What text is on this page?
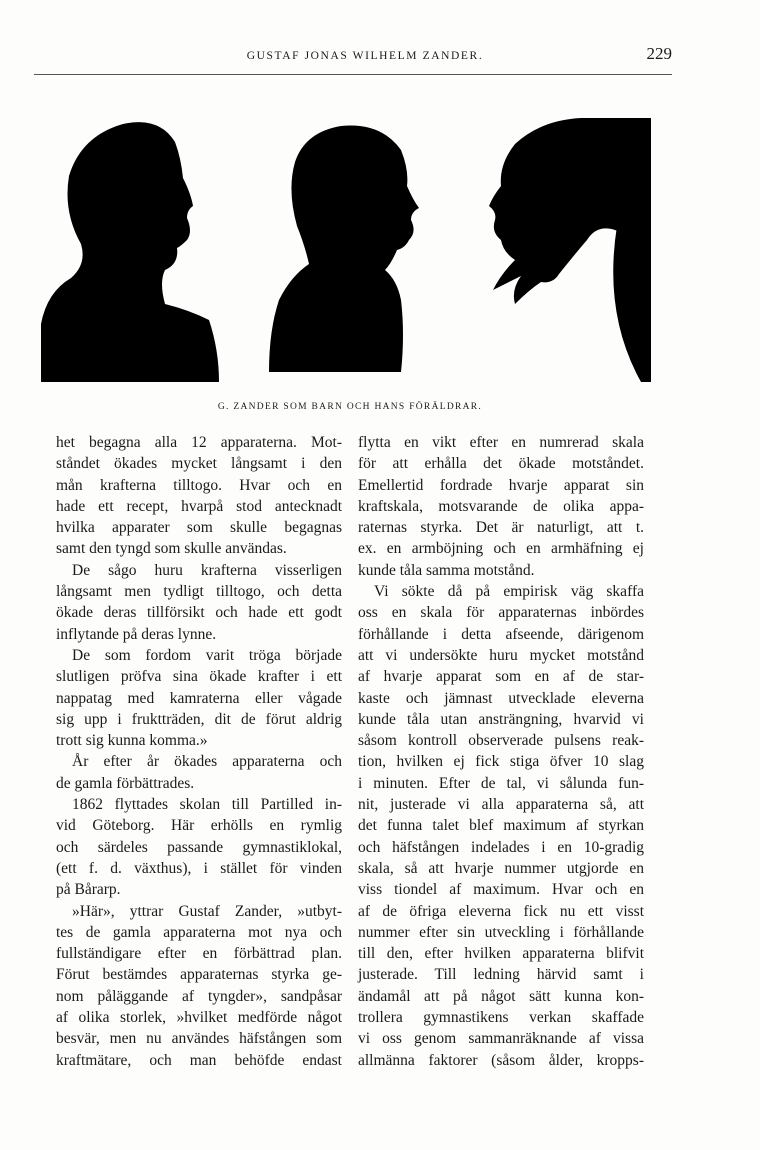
GUSTAF JONAS WILHELM ZANDER.	229
G. ZANDER SOM BARN OCH HANS FÖRÄLDRAR.

het begagna alla 12 apparaterna. Mot-

ståndet ökades mycket långsamt i den

mån krafterna tilltogo. Hvar och en

hade ett recept, hvarpå stod antecknadt

hvilka apparater som skulle begagnas

samt den tyngd som skulle användas.

De sågo huru krafterna visserligen

långsamt men tydligt tilltogo, och detta

ökade deras tillförsikt och hade ett godt

inflytande på deras lynne.

De som fordom varit tröga började

slutligen pröfva sina ökade krafter i ett

nappatag med kamraterna eller vågade

sig upp i fruktträden, dit de förut aldrig

trott sig kunna komma.»

År efter år ökades apparaterna och

de gamla förbättrades.

1862 flyttades skolan till Partilled in-

vid Göteborg. Här erhölls en rymlig

och särdeles passande gymnastiklokal,

(ett f. d. växthus), i stället för vinden

på Bårarp.

»Här», yttrar Gustaf Zander, »utbyt-

tes de gamla apparaterna mot nya och

fullständigare efter en förbättrad plan.

Förut bestämdes apparaternas styrka ge-

nom påläggande af tyngder», sandpåsar

af olika storlek, »hvilket medförde något

besvär, men nu användes häfstången som

kraftmätare, och man behöfde endast

flytta en vikt efter en numrerad skala

för att erhålla det ökade motståndet.

Emellertid fordrade hvarje apparat sin

kraftskala, motsvarande de olika appa-

raternas styrka. Det är naturligt, att t.

ex. en armböjning och en armhäfning ej

kunde tåla samma motstånd.

Vi sökte då på empirisk väg skaffa

oss en skala för apparaternas inbördes

förhållande i detta afseende, därigenom

att vi undersökte huru mycket motstånd

af hvarje apparat som en af de star-

kaste och jämnast utvecklade eleverna

kunde tåla utan ansträngning, hvarvid vi

såsom kontroll observerade pulsens reak-

tion, hvilken ej fick stiga öfver 10 slag

i minuten. Efter de tal, vi sålunda fun-

nit, justerade vi alla apparaterna så, att

det funna talet blef maximum af styrkan

och häfstången indelades i en 10-gradig

skala, så att hvarje nummer utgjorde en

viss tiondel af maximum. Hvar och en

af de öfriga eleverna fick nu ett visst

nummer efter sin utveckling i förhållande

till den, efter hvilken apparaterna blifvit

justerade. Till ledning härvid samt i

ändamål att på något sätt kunna kon-

trollera gymnastikens verkan skaffade

vi oss genom sammanräknande af vissa

allmänna faktorer (såsom ålder, kropps-
